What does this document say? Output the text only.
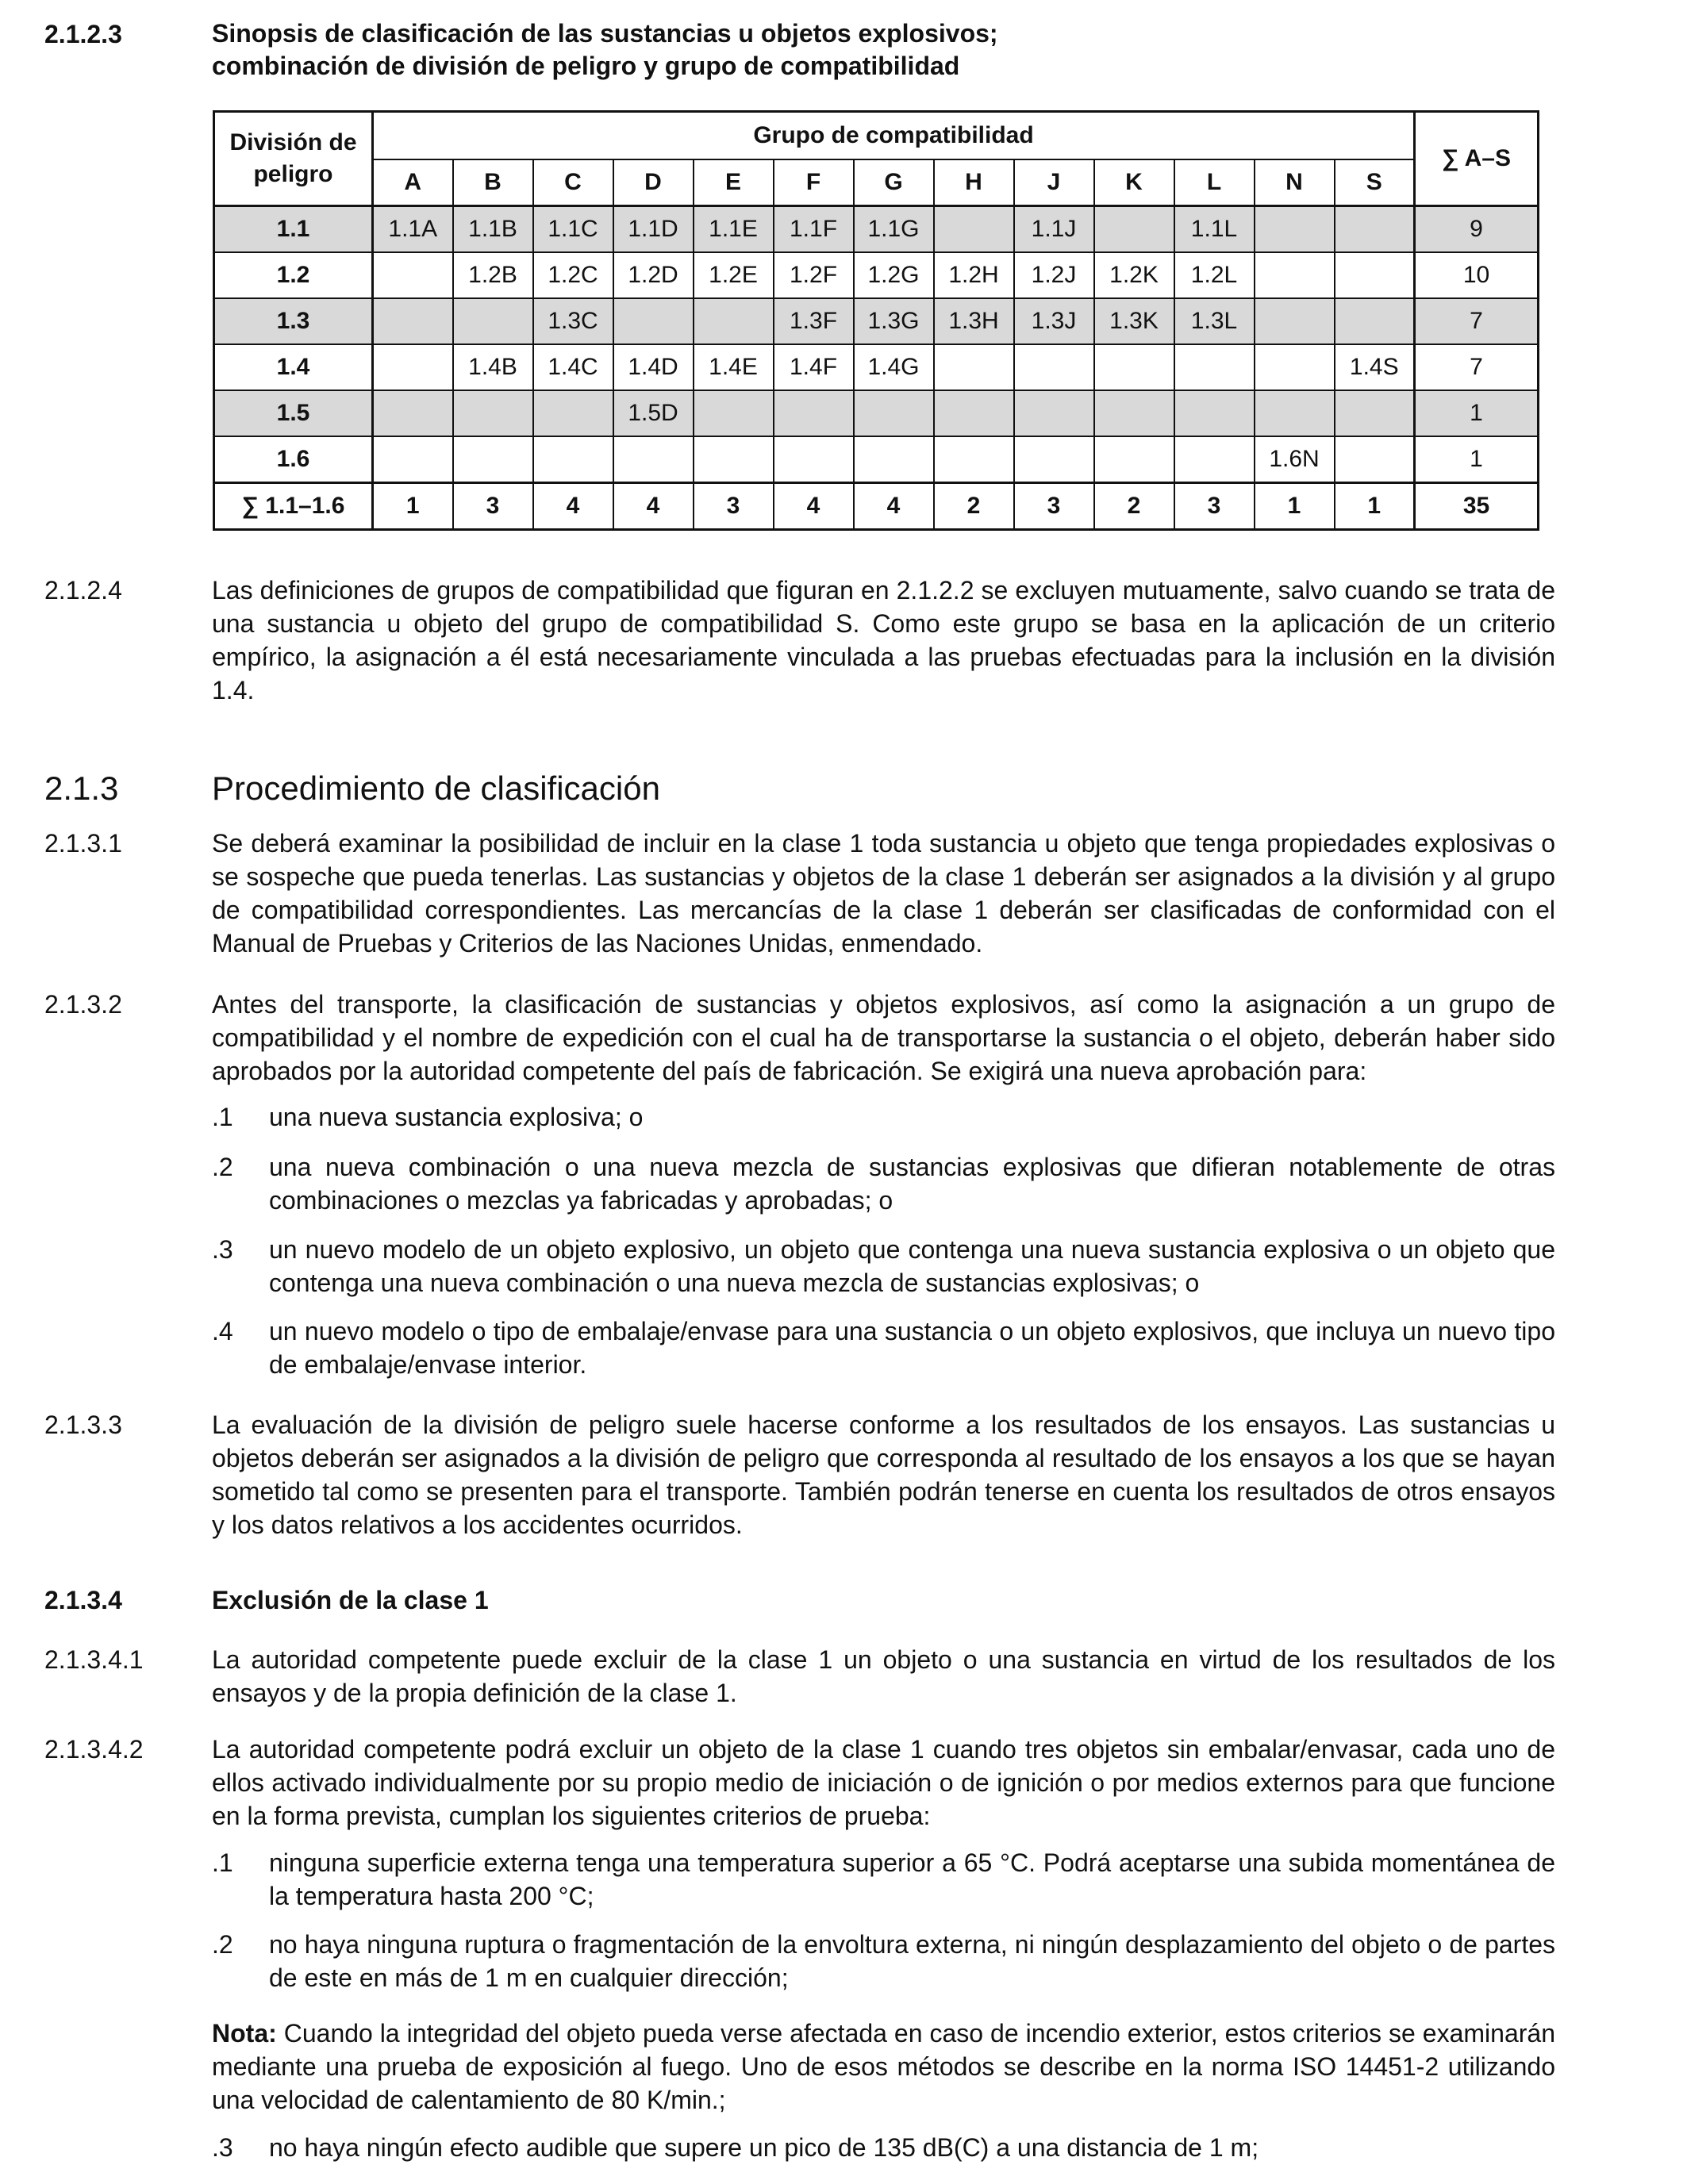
2.1.2.3	Sinopsis de clasificación de las sustancias u objetos explosivos;
combinación de división de peligro y grupo de compatibilidad
División de peligro	Grupo de compatibilidad													∑ A–S
	A	B	C	D	E	F	G	H	J	K	L	N	S	
1.1	1.1A	1.1B	1.1C	1.1D	1.1E	1.1F	1.1G		1.1J		1.1L			9
1.2		1.2B	1.2C	1.2D	1.2E	1.2F	1.2G	1.2H	1.2J	1.2K	1.2L			10
1.3			1.3C			1.3F	1.3G	1.3H	1.3J	1.3K	1.3L			7
1.4		1.4B	1.4C	1.4D	1.4E	1.4F	1.4G						1.4S	7
1.5				1.5D										1
1.6												1.6N		1
∑ 1.1–1.6	1	3	4	4	3	4	4	2	3	2	3	1	1	35
2.1.2.4	Las definiciones de grupos de compatibilidad que figuran en 2.1.2.2 se excluyen mutuamente, salvo cuando se trata de una sustancia u objeto del grupo de compatibilidad S. Como este grupo se basa en la aplicación de un criterio empírico, la asignación a él está necesariamente vinculada a las pruebas efectuadas para la inclusión en la división 1.4.
2.1.3	Procedimiento de clasificación
2.1.3.1	Se deberá examinar la posibilidad de incluir en la clase 1 toda sustancia u objeto que tenga propiedades explosivas o se sospeche que pueda tenerlas. Las sustancias y objetos de la clase 1 deberán ser asignados a la división y al grupo de compatibilidad correspondientes. Las mercancías de la clase 1 deberán ser clasificadas de conformidad con el Manual de Pruebas y Criterios de las Naciones Unidas, enmendado.
2.1.3.2	Antes del transporte, la clasificación de sustancias y objetos explosivos, así como la asignación a un grupo de compatibilidad y el nombre de expedición con el cual ha de transportarse la sustancia o el objeto, deberán haber sido aprobados por la autoridad competente del país de fabricación. Se exigirá una nueva aprobación para:
.1 una nueva sustancia explosiva; o
.2 una nueva combinación o una nueva mezcla de sustancias explosivas que difieran notablemente de otras combinaciones o mezclas ya fabricadas y aprobadas; o
.3 un nuevo modelo de un objeto explosivo, un objeto que contenga una nueva sustancia explosiva o un objeto que contenga una nueva combinación o una nueva mezcla de sustancias explosivas; o
.4 un nuevo modelo o tipo de embalaje/envase para una sustancia o un objeto explosivos, que incluya un nuevo tipo de embalaje/envase interior.
2.1.3.3	La evaluación de la división de peligro suele hacerse conforme a los resultados de los ensayos. Las sustancias u objetos deberán ser asignados a la división de peligro que corresponda al resultado de los ensayos a los que se hayan sometido tal como se presenten para el transporte. También podrán tenerse en cuenta los resultados de otros ensayos y los datos relativos a los accidentes ocurridos.
2.1.3.4	Exclusión de la clase 1
2.1.3.4.1	La autoridad competente puede excluir de la clase 1 un objeto o una sustancia en virtud de los resultados de los ensayos y de la propia definición de la clase 1.
2.1.3.4.2	La autoridad competente podrá excluir un objeto de la clase 1 cuando tres objetos sin embalar/envasar, cada uno de ellos activado individualmente por su propio medio de iniciación o de ignición o por medios externos para que funcione en la forma prevista, cumplan los siguientes criterios de prueba:
.1 ninguna superficie externa tenga una temperatura superior a 65 °C. Podrá aceptarse una subida momentánea de la temperatura hasta 200 °C;
.2 no haya ninguna ruptura o fragmentación de la envoltura externa, ni ningún desplazamiento del objeto o de partes de este en más de 1 m en cualquier dirección;
Nota: Cuando la integridad del objeto pueda verse afectada en caso de incendio exterior, estos criterios se examinarán mediante una prueba de exposición al fuego. Uno de esos métodos se describe en la norma ISO 14451-2 utilizando una velocidad de calentamiento de 80 K/min.;
.3 no haya ningún efecto audible que supere un pico de 135 dB(C) a una distancia de 1 m;
